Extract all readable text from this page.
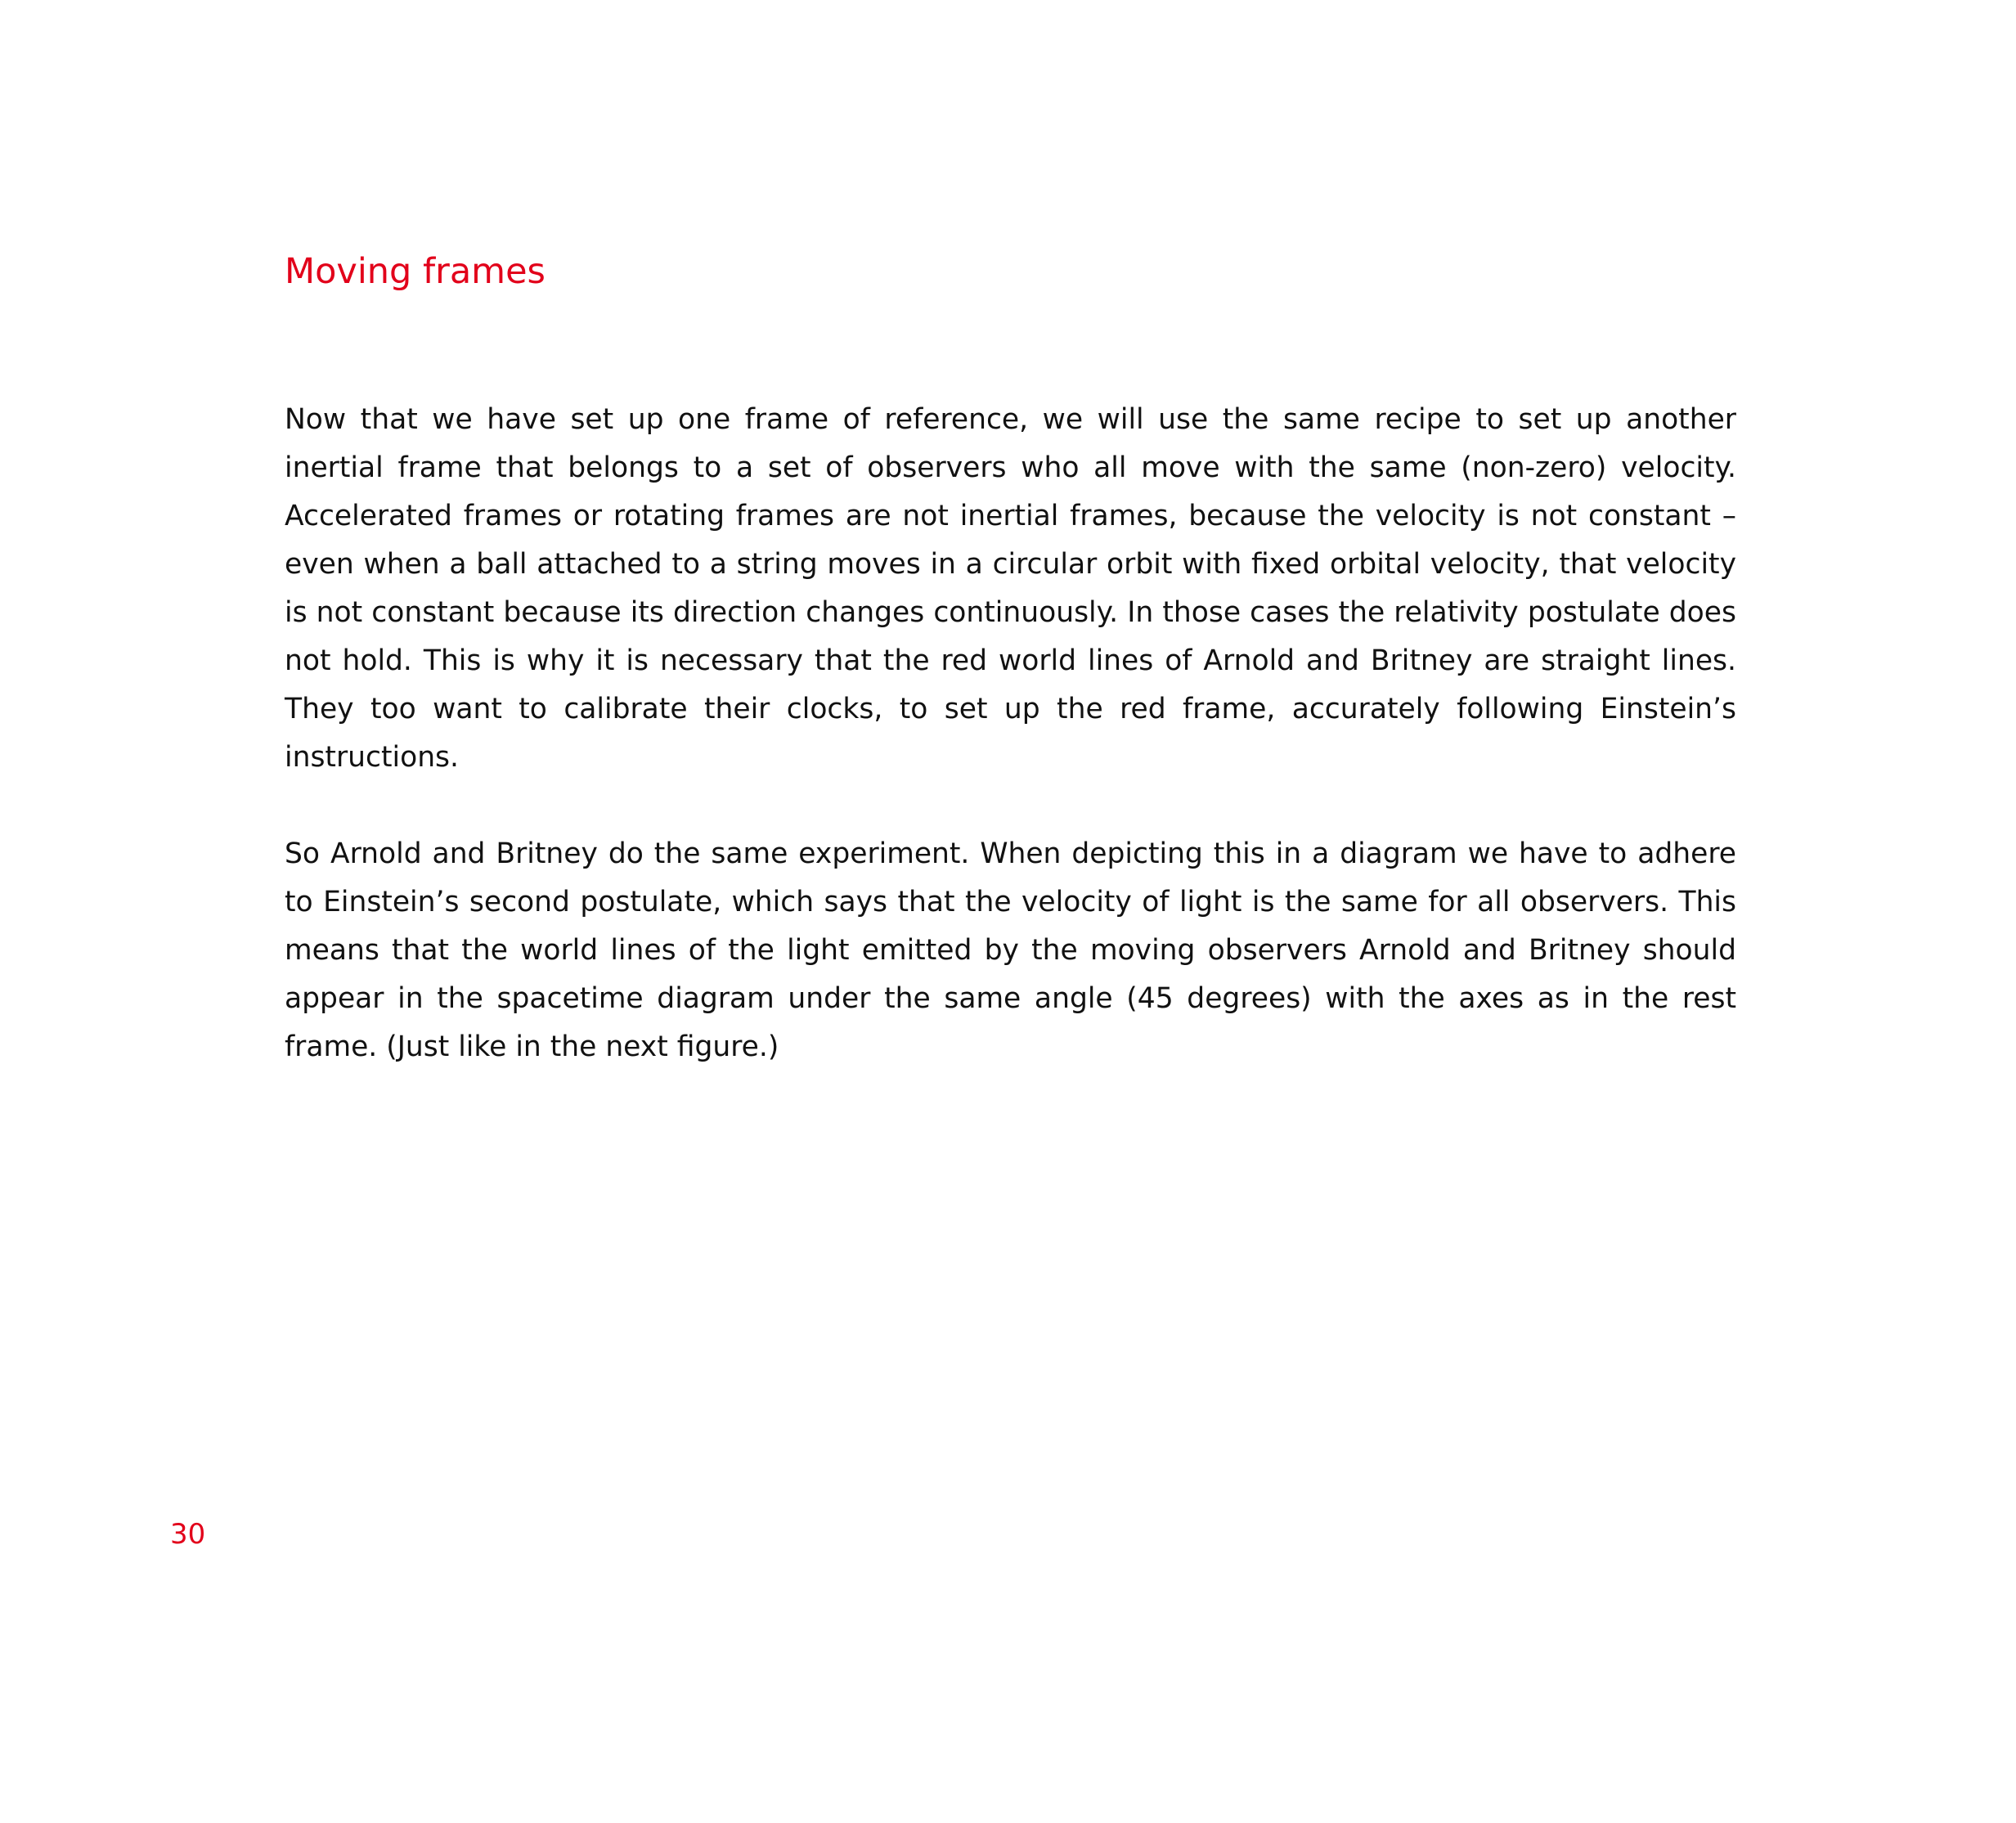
Moving frames

Now that we have set up one frame of reference, we will use the same recipe to set up another inertial frame that belongs to a set of observers who all move with the same (non-zero) velocity. Accelerated frames or rotating frames are not inertial frames, because the velocity is not constant – even when a ball attached to a string moves in a circular orbit with fixed orbital velocity, that velocity is not constant because its direction changes continuously. In those cases the relativity postulate does not hold. This is why it is necessary that the red world lines of Arnold and Britney are straight lines. They too want to calibrate their clocks, to set up the red frame, accurately following Einstein’s instructions.

So Arnold and Britney do the same experiment. When depicting this in a diagram we have to adhere to Einstein’s second postulate, which says that the velocity of light is the same for all observers. This means that the world lines of the light emitted by the moving observers Arnold and Britney should appear in the spacetime diagram under the same angle (45 degrees) with the axes as in the rest frame. (Just like in the next figure.)

30
